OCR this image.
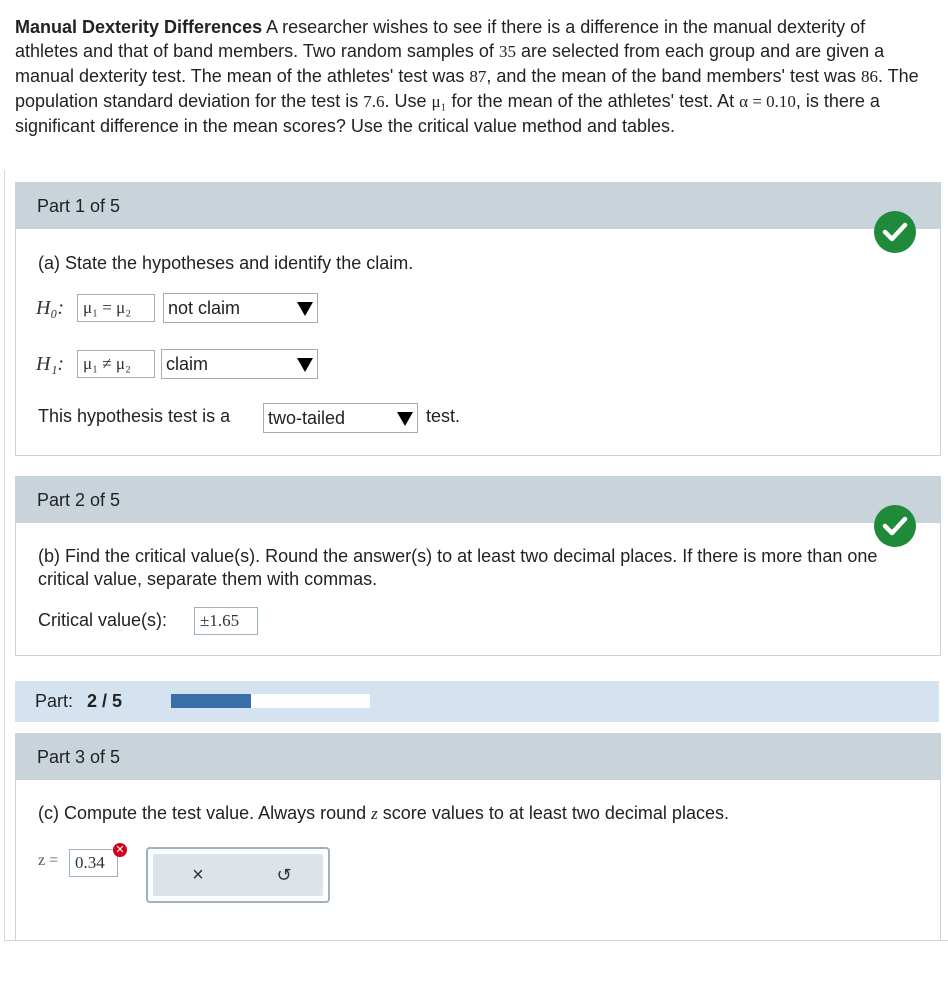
Manual Dexterity Differences A researcher wishes to see if there is a difference in the manual dexterity of athletes and that of band members. Two random samples of 35 are selected from each group and are given a manual dexterity test. The mean of the athletes' test was 87, and the mean of the band members' test was 86. The population standard deviation for the test is 7.6. Use μ₁ for the mean of the athletes' test. At α = 0.10, is there a significant difference in the mean scores? Use the critical value method and tables.
Part 1 of 5
(a) State the hypotheses and identify the claim.
H₀:	μ₁ = μ₂	not claim
H₁:	μ₁ ≠ μ₂	claim
This hypothesis test is a two-tailed	test.
Part 2 of 5
(b) Find the critical value(s). Round the answer(s) to at least two decimal places. If there is more than one critical value, separate them with commas.
Critical value(s):	±1.65
Part: 2 / 5
Part 3 of 5
(c) Compute the test value. Always round z score values to at least two decimal places.
z = 0.34
✕
×	↺
